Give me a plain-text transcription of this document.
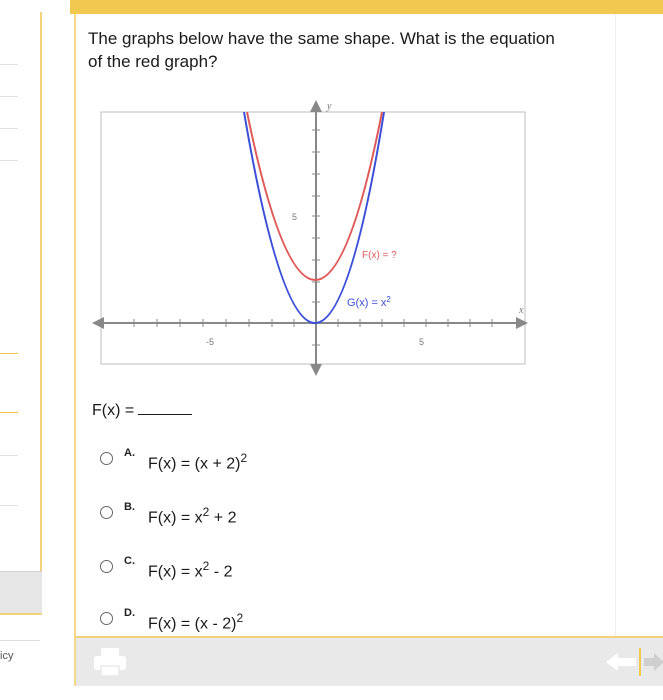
icy
The graphs below have the same shape. What is the equation of the red graph?
y
x
5
-5	5
F(x) = ?
$G(x) = x^2$
F(x) =
A.
$F(x) = (x + 2)^2$
B.
$F(x) = x^2 + 2$
C.
$F(x) = x^2 - 2$
D.
F(x) = (x - 2)$^2$
